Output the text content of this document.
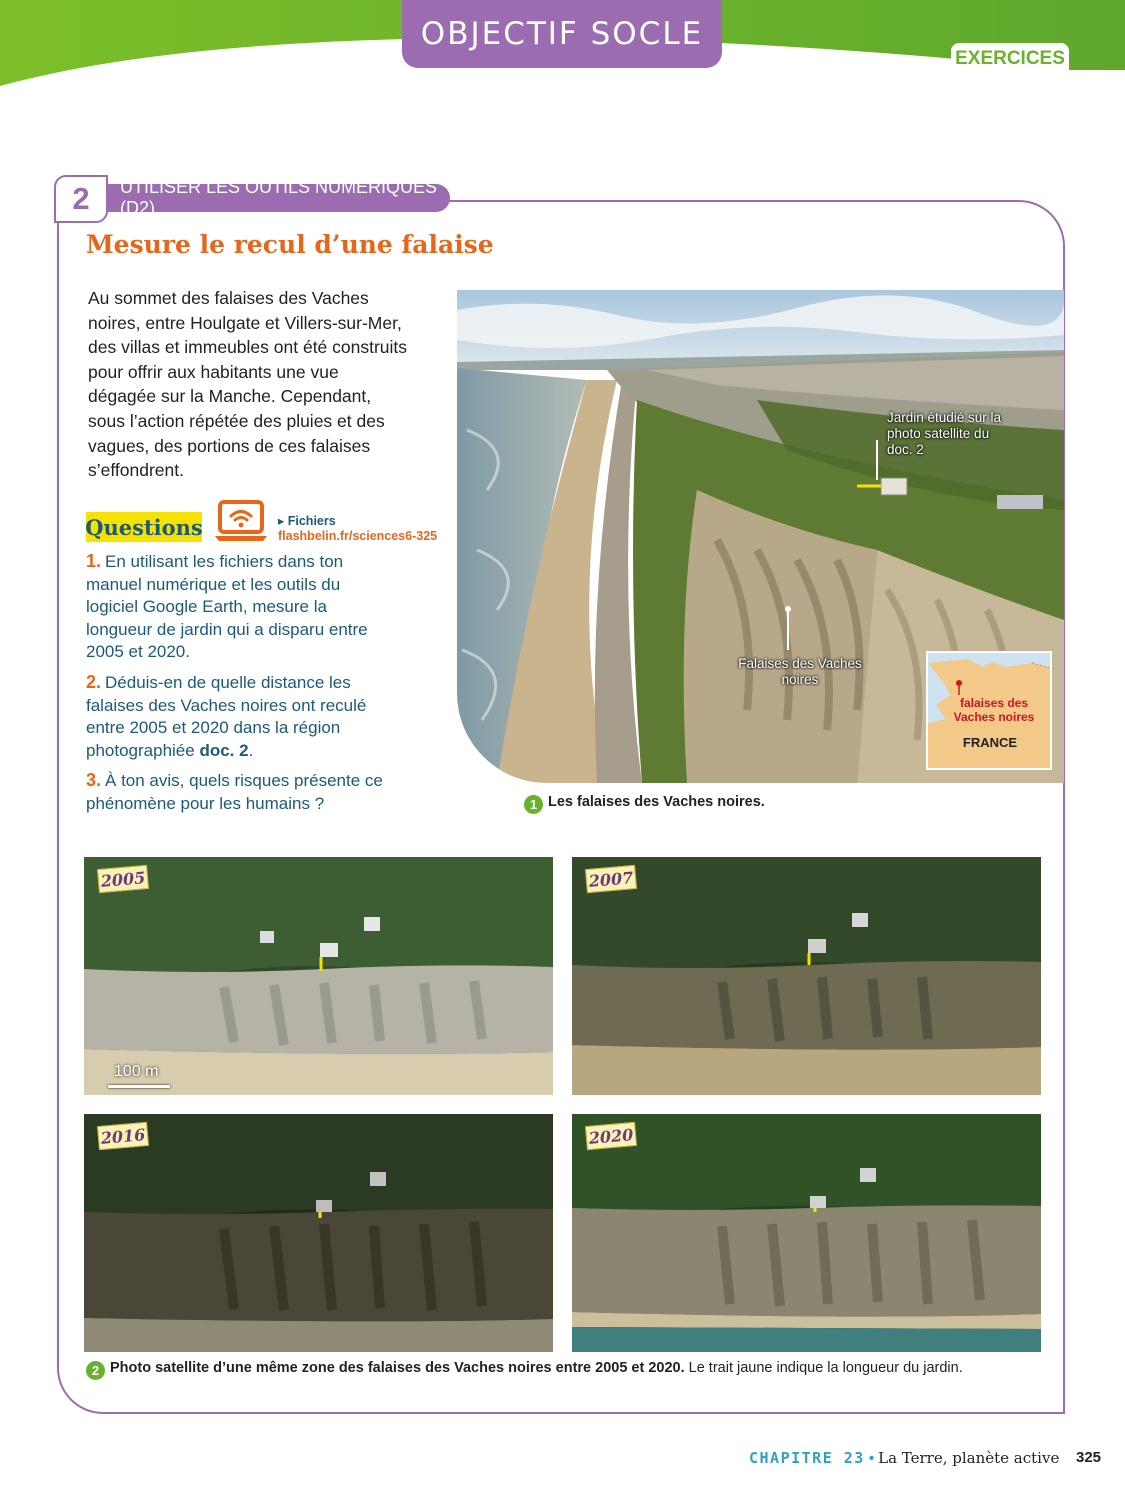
OBJECTIF SOCLE
EXERCICES
2	UTILISER LES OUTILS NUMÉRIQUES (D2)
Mesure le recul d’une falaise
Au sommet des falaises des Vaches noires, entre Houlgate et Villers-sur-Mer, des villas et immeubles ont été construits pour offrir aux habitants une vue dégagée sur la Manche. Cependant, sous l’action répétée des pluies et des vagues, des portions de ces falaises s’effondrent.
Questions	▸ Fichiers
flashbelin.fr/sciences6-325
1. En utilisant les fichiers dans ton manuel numérique et les outils du logiciel Google Earth, mesure la longueur de jardin qui a disparu entre 2005 et 2020.
2. Déduis-en de quelle distance les falaises des Vaches noires ont reculé entre 2005 et 2020 dans la région photographiée doc. 2.
3. À ton avis, quels risques présente ce phénomène pour les humains ?
Jardin étudié sur la photo satellite du doc. 2
Falaises des Vaches noires
falaises des Vaches noires
FRANCE
1 Les falaises des Vaches noires.
2005
100 m
2007
2016	2020
2 Photo satellite d’une même zone des falaises des Vaches noires entre 2005 et 2020. Le trait jaune indique la longueur du jardin.
CHAPITRE 23 • La Terre, planète active 325
